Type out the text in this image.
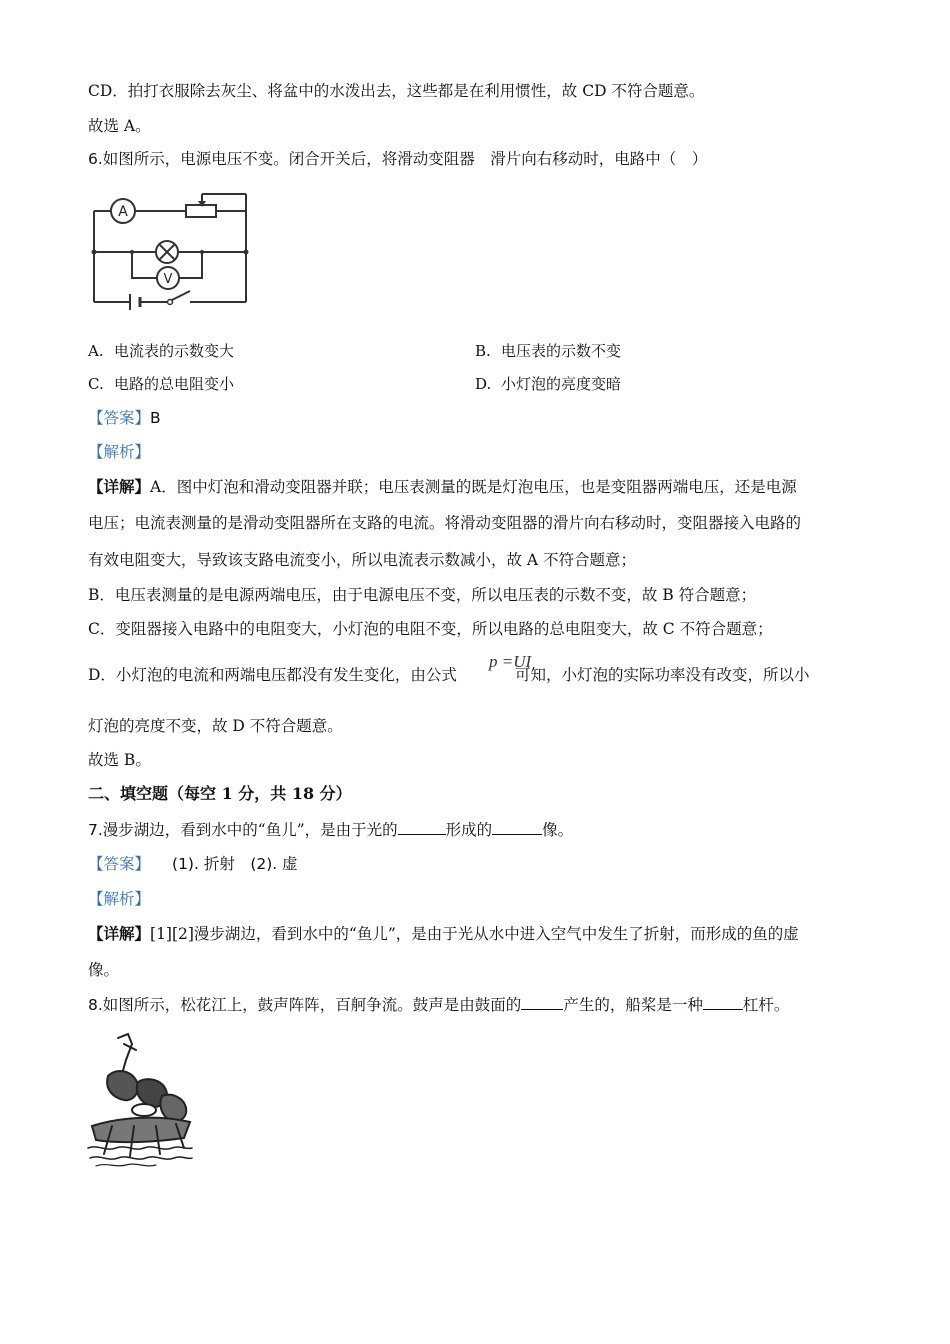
CD．拍打衣服除去灰尘、将盆中的水泼出去，这些都是在利用惯性，故 CD 不符合题意。
故选 A。
6.如图所示，电源电压不变。闭合开关后，将滑动变阻器　滑片向右移动时，电路中（　）
A
V
A. 电流表的示数变大	B. 电压表的示数不变
C. 电路的总电阻变小	D. 小灯泡的亮度变暗
【答案】B
【解析】
【详解】A．图中灯泡和滑动变阻器并联；电压表测量的既是灯泡电压，也是变阻器两端电压，还是电源
电压；电流表测量的是滑动变阻器所在支路的电流。将滑动变阻器的滑片向右移动时，变阻器接入电路的
有效电阻变大，导致该支路电流变小，所以电流表示数减小，故 A 不符合题意；
B．电压表测量的是电源两端电压，由于电源电压不变，所以电压表的示数不变，故 B 符合题意；
C．变阻器接入电路中的电阻变大，小灯泡的电阻不变，所以电路的总电阻变大，故 C 不符合题意；
D．小灯泡的电流和两端电压都没有发生变化，由公式	可知，小灯泡的实际功率没有改变，所以小
p =UI
灯泡的亮度不变，故 D 不符合题意。
故选 B。
二、填空题（每空 1 分，共 18 分）
7.漫步湖边，看到水中的“鱼儿”，是由于光的	形成的	像。
【答案】 (1). 折射　(2). 虚
【解析】
【详解】[1][2]漫步湖边，看到水中的“鱼儿”，是由于光从水中进入空气中发生了折射，而形成的鱼的虚
像。
8.如图所示，松花江上，鼓声阵阵，百舸争流。鼓声是由鼓面的	产生的，船桨是一种	杠杆。
